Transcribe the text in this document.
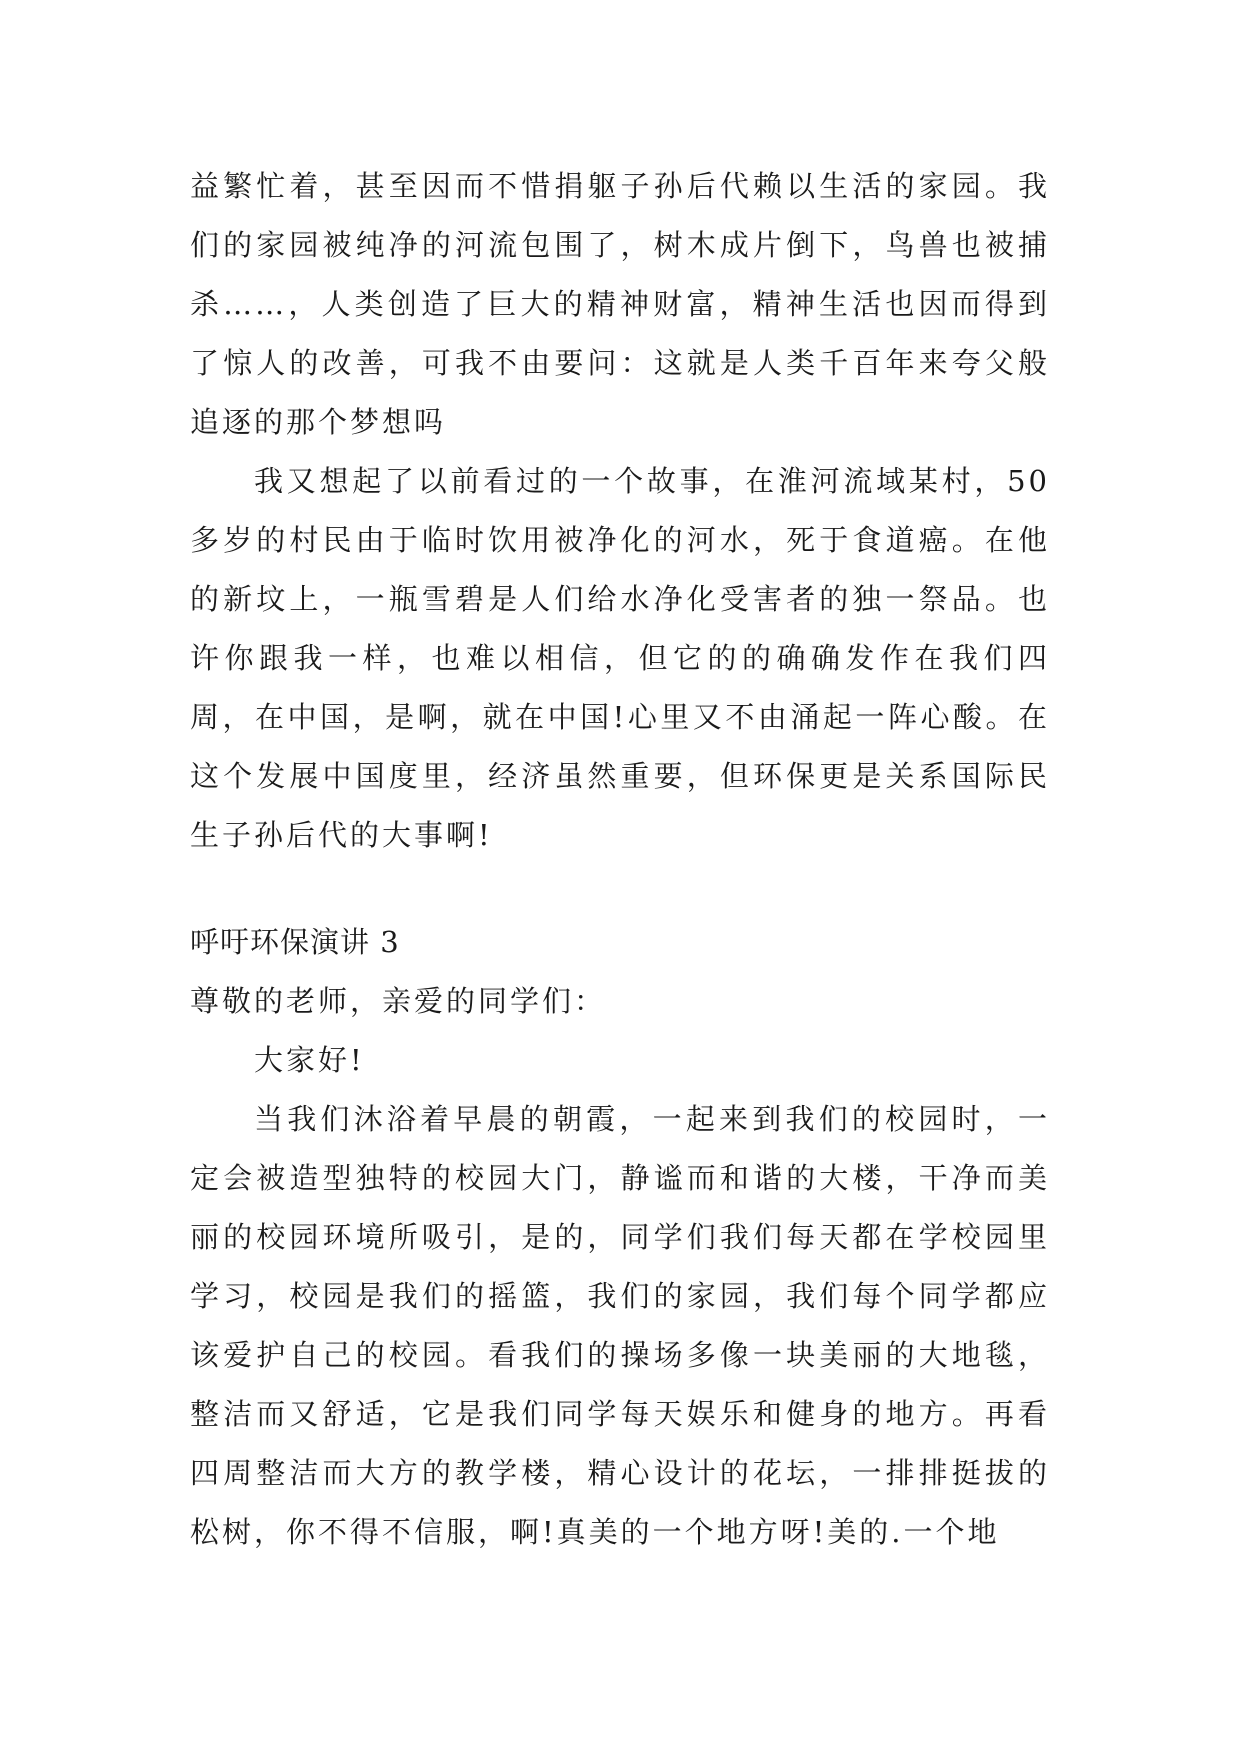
益繁忙着，甚至因而不惜捐躯子孙后代赖以生活的家园。我们的家园被纯净的河流包围了，树木成片倒下，鸟兽也被捕杀……，人类创造了巨大的精神财富，精神生活也因而得到了惊人的改善，可我不由要问：这就是人类千百年来夸父般追逐的那个梦想吗

我又想起了以前看过的一个故事，在淮河流域某村，50多岁的村民由于临时饮用被净化的河水，死于食道癌。在他的新坟上，一瓶雪碧是人们给水净化受害者的独一祭品。也许你跟我一样，也难以相信，但它的的确确发作在我们四周，在中国，是啊，就在中国!心里又不由涌起一阵心酸。在这个发展中国度里，经济虽然重要，但环保更是关系国际民生子孙后代的大事啊!

呼吁环保演讲 3

尊敬的老师，亲爱的同学们：

大家好!

当我们沐浴着早晨的朝霞，一起来到我们的校园时，一定会被造型独特的校园大门，静谧而和谐的大楼，干净而美丽的校园环境所吸引，是的，同学们我们每天都在学校园里学习，校园是我们的摇篮，我们的家园，我们每个同学都应该爱护自己的校园。看我们的操场多像一块美丽的大地毯，整洁而又舒适，它是我们同学每天娱乐和健身的地方。再看四周整洁而大方的教学楼，精心设计的花坛，一排排挺拔的松树，你不得不信服，啊!真美的一个地方呀!美的.一个地
